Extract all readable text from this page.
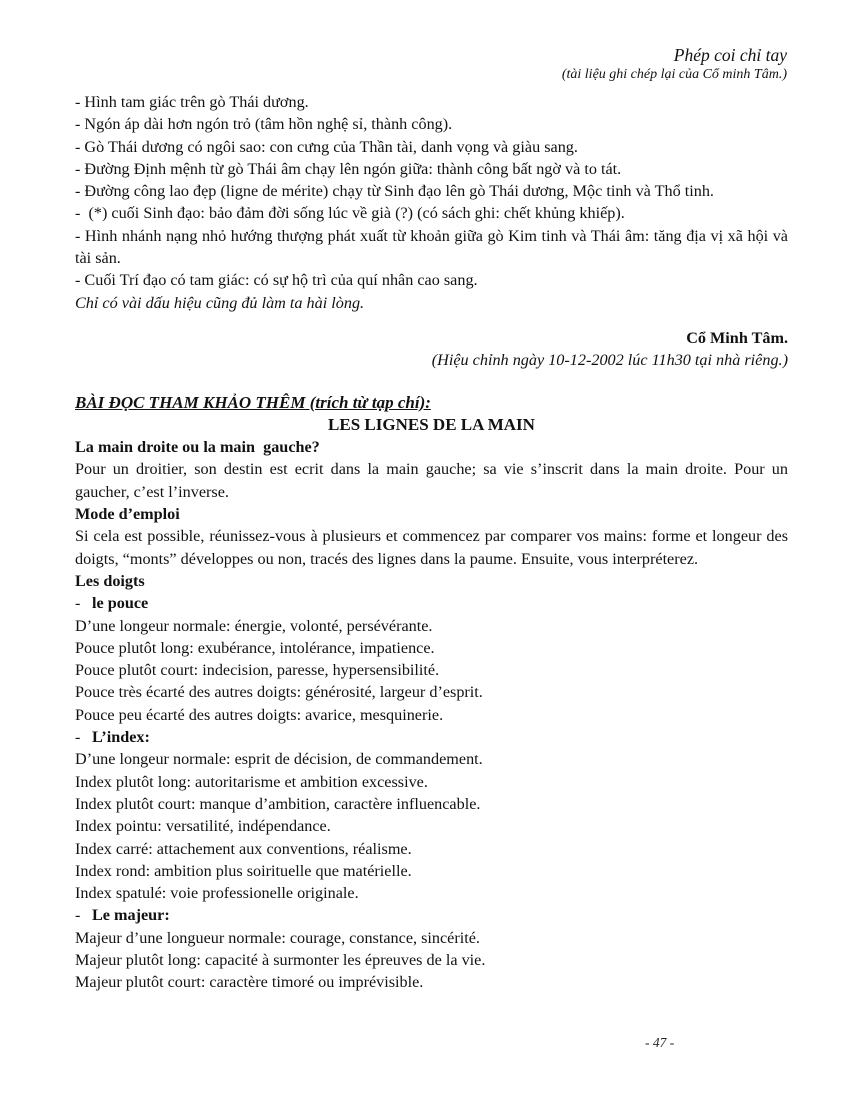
Phép coi chỉ tay
(tài liệu ghi chép lại của Cổ minh Tâm.)
- Hình tam giác trên gò Thái dương.
- Ngón áp dài hơn ngón trỏ (tâm hồn nghệ sỉ, thành công).
- Gò Thái dương có ngôi sao: con cưng của Thần tài, danh vọng và giàu sang.
- Đường Định mệnh từ gò Thái âm chạy lên ngón giữa: thành công bất ngờ và to tát.
- Đường công lao đẹp (ligne de mérite) chạy từ Sinh đạo lên gò Thái dương, Mộc tinh và Thổ tinh.
-  (*) cuối Sinh đạo: bảo đảm đời sống lúc về già (?) (có sách ghi: chết khủng khiếp).
- Hình nhánh nạng nhỏ hướng thượng phát xuất từ khoản giữa gò Kim tinh và Thái âm: tăng địa vị xã hội và tài sản.
- Cuối Trí đạo có tam giác: có sự hộ trì của quí nhân cao sang.
Chỉ có vài dấu hiệu cũng đủ làm ta hài lòng.
Cổ Minh Tâm.
(Hiệu chỉnh ngày 10-12-2002 lúc 11h30 tại nhà riêng.)
BÀI ĐỌC THAM KHẢO THÊM (trích từ tạp chí):
LES LIGNES DE LA MAIN
La main droite ou la main  gauche?
Pour un droitier, son destin est ecrit dans la main gauche; sa vie s’inscrit dans la main droite. Pour un gaucher, c’est l’inverse.
Mode d’emploi
Si cela est possible, réunissez-vous à plusieurs et commencez par comparer vos mains: forme et longeur des doigts, “monts” développes ou non, tracés des lignes dans la paume. Ensuite, vous interpréterez.
Les doigts
- le pouce
D’une longeur normale: énergie, volonté, persévérante.
Pouce plutôt long: exubérance, intolérance, impatience.
Pouce plutôt court: indecision, paresse, hypersensibilité.
Pouce très écarté des autres doigts: générosité, largeur d’esprit.
Pouce peu écarté des autres doigts: avarice, mesquinerie.
- L’index:
D’une longeur normale: esprit de décision, de commandement.
Index plutôt long: autoritarisme et ambition excessive.
Index plutôt court: manque d’ambition, caractère influencable.
Index pointu: versatilité, indépendance.
Index carré: attachement aux conventions, réalisme.
Index rond: ambition plus soirituelle que matérielle.
Index spatulé: voie professionelle originale.
- Le majeur:
Majeur d’une longueur normale: courage, constance, sincérité.
Majeur plutôt long: capacité à surmonter les épreuves de la vie.
Majeur plutôt court: caractère timoré ou imprévisible.
- 47 -
